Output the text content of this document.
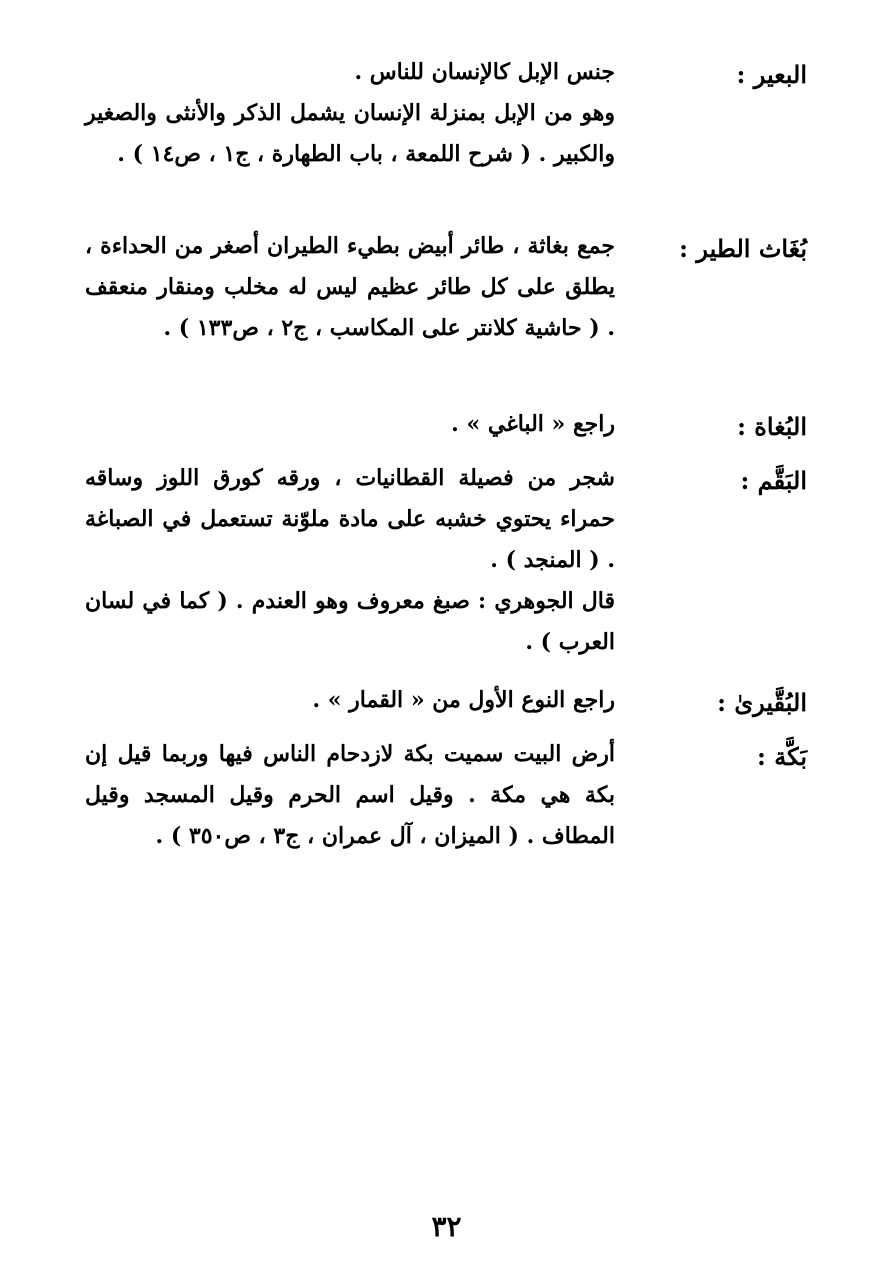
البعير :

جنس الإبل كالإنسان للناس .

وهو من الإبل بمنزلة الإنسان يشمل الذكر والأنثى والصغير والكبير . ( شرح اللمعة ، باب الطهارة ، ج١ ، ص١٤ ) .

بُغَاث الطير :

جمع بغاثة ، طائر أبيض بطيء الطيران أصغر من الحداءة ، يطلق على كل طائر عظيم ليس له مخلب ومنقار منعقف . ( حاشية كلانتر على المكاسب ، ج٢ ، ص١٣٣ ) .

البُغاة :

راجع « الباغي » .

البَقَّم :

شجر من فصيلة القطانيات ، ورقه كورق اللوز وساقه حمراء يحتوي خشبه على مادة ملوّنة تستعمل في الصباغة . ( المنجد ) .

قال الجوهري : صبغ معروف وهو العندم . ( كما في لسان العرب ) .

البُقَّيرىٰ :

راجع النوع الأول من « القمار » .

بَكَّة :

أرض البيت سميت بكة لازدحام الناس فيها وربما قيل إن بكة هي مكة . وقيل اسم الحرم وقيل المسجد وقيل المطاف . ( الميزان ، آل عمران ، ج٣ ، ص٣٥٠ ) .

٣٢
